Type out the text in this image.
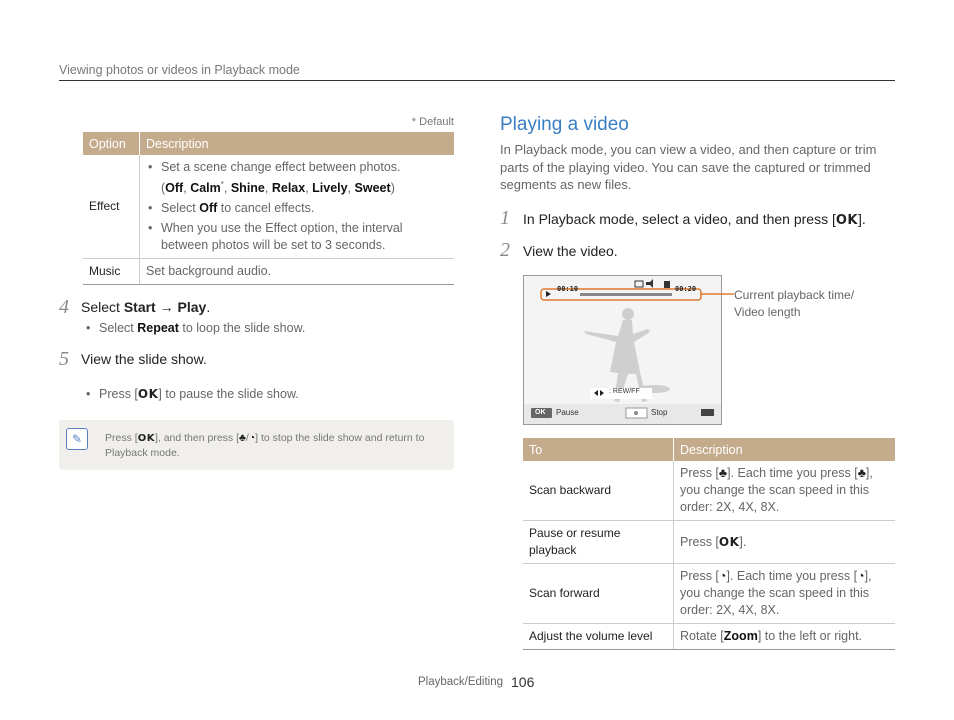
Viewing photos or videos in Playback mode
* Default
Option	Description
Effect	• Set a scene change effect between photos.
(Off, Calm*, Shine, Relax, Lively, Sweet)
• Select Off to cancel effects.
• When you use the Effect option, the interval between photos will be set to 3 seconds.

Music	Set background audio.
4 Select Start → Play.
• Select Repeat to loop the slide show.
5 View the slide show.
• Press [OK] to pause the slide show.
•
✎	Press [OK], and then press [♣/◔] to stop the slide show and return to Playback mode.
Playing a video
In Playback mode, you can view a video, and then capture or trim parts of the playing video. You can save the captured or trimmed segments as new files.
1 In Playback mode, select a video, and then press [OK].
2 View the video.
00:10	00:20
: REW/FF
OK Pause	Stop
Current playback time/
Video length
To	Description
Scan backward	Press [♣]. Each time you press [♣], you change the scan speed in this order: 2X, 4X, 8X.
Pause or resume playback	Press [OK].
Scan forward	Press [◔]. Each time you press [◔], you change the scan speed in this order: 2X, 4X, 8X.
Adjust the volume level	Rotate [Zoom] to the left or right.
Playback/Editing 106
